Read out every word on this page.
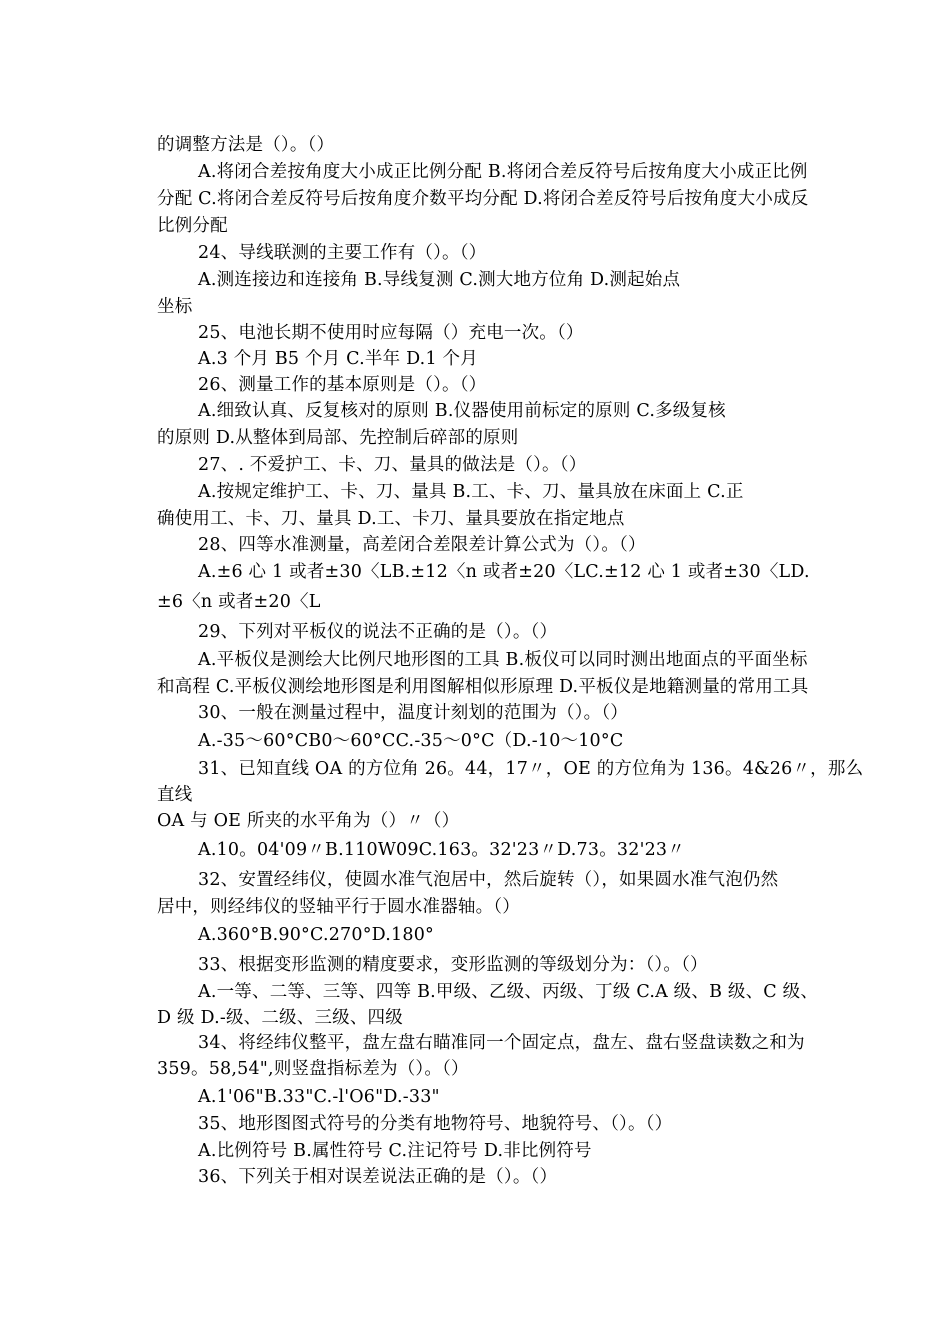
的调整方法是（）。（）
A.将闭合差按角度大小成正比例分配 B.将闭合差反符号后按角度大小成正比例
分配 C.将闭合差反符号后按角度介数平均分配 D.将闭合差反符号后按角度大小成反
比例分配
24、导线联测的主要工作有（）。（）
A.测连接边和连接角 B.导线复测 C.测大地方位角 D.测起始点
坐标
25、电池长期不使用时应每隔（）充电一次。（）
A.3 个月 B5 个月 C.半年 D.1 个月
26、测量工作的基本原则是（）。（）
A.细致认真、反复核对的原则 B.仪器使用前标定的原则 C.多级复核
的原则 D.从整体到局部、先控制后碎部的原则
27、. 不爱护工、卡、刀、量具的做法是（）。（）
A.按规定维护工、卡、刀、量具 B.工、卡、刀、量具放在床面上 C.正
确使用工、卡、刀、量具 D.工、卡刀、量具要放在指定地点
28、四等水准测量，高差闭合差限差计算公式为（）。（）
A.±6 心 1 或者±30〈LB.±12〈n 或者±20〈LC.±12 心 1 或者±30〈LD.
±6〈n 或者±20〈L
29、下列对平板仪的说法不正确的是（）。（）
A.平板仪是测绘大比例尺地形图的工具 B.板仪可以同时测出地面点的平面坐标
和高程 C.平板仪测绘地形图是利用图解相似形原理 D.平板仪是地籍测量的常用工具
30、一般在测量过程中，温度计刻划的范围为（）。（）
A.-35〜60°CB0〜60°CC.-35〜0°C（D.-10〜10°C
31、已知直线 OA 的方位角 26。44，17〃，OE 的方位角为 136。4&26〃，那么
直线
OA 与 OE 所夹的水平角为（）〃（）
A.10。04'09〃B.110W09C.163。32'23〃D.73。32'23〃
32、安置经纬仪，使圆水准气泡居中，然后旋转（），如果圆水准气泡仍然
居中，则经纬仪的竖轴平行于圆水准器轴。（）
A.360°B.90°C.270°D.180°
33、根据变形监测的精度要求，变形监测的等级划分为：（）。（）
A.一等、二等、三等、四等 B.甲级、乙级、丙级、丁级 C.A 级、B 级、C 级、
D 级 D.-级、二级、三级、四级
34、将经纬仪整平，盘左盘右瞄准同一个固定点，盘左、盘右竖盘读数之和为
359。58,54",则竖盘指标差为（）。（）
A.1'06"B.33"C.-l'O6"D.-33"
35、地形图图式符号的分类有地物符号、地貌符号、（）。（）
A.比例符号 B.属性符号 C.注记符号 D.非比例符号
36、下列关于相对误差说法正确的是（）。（）
